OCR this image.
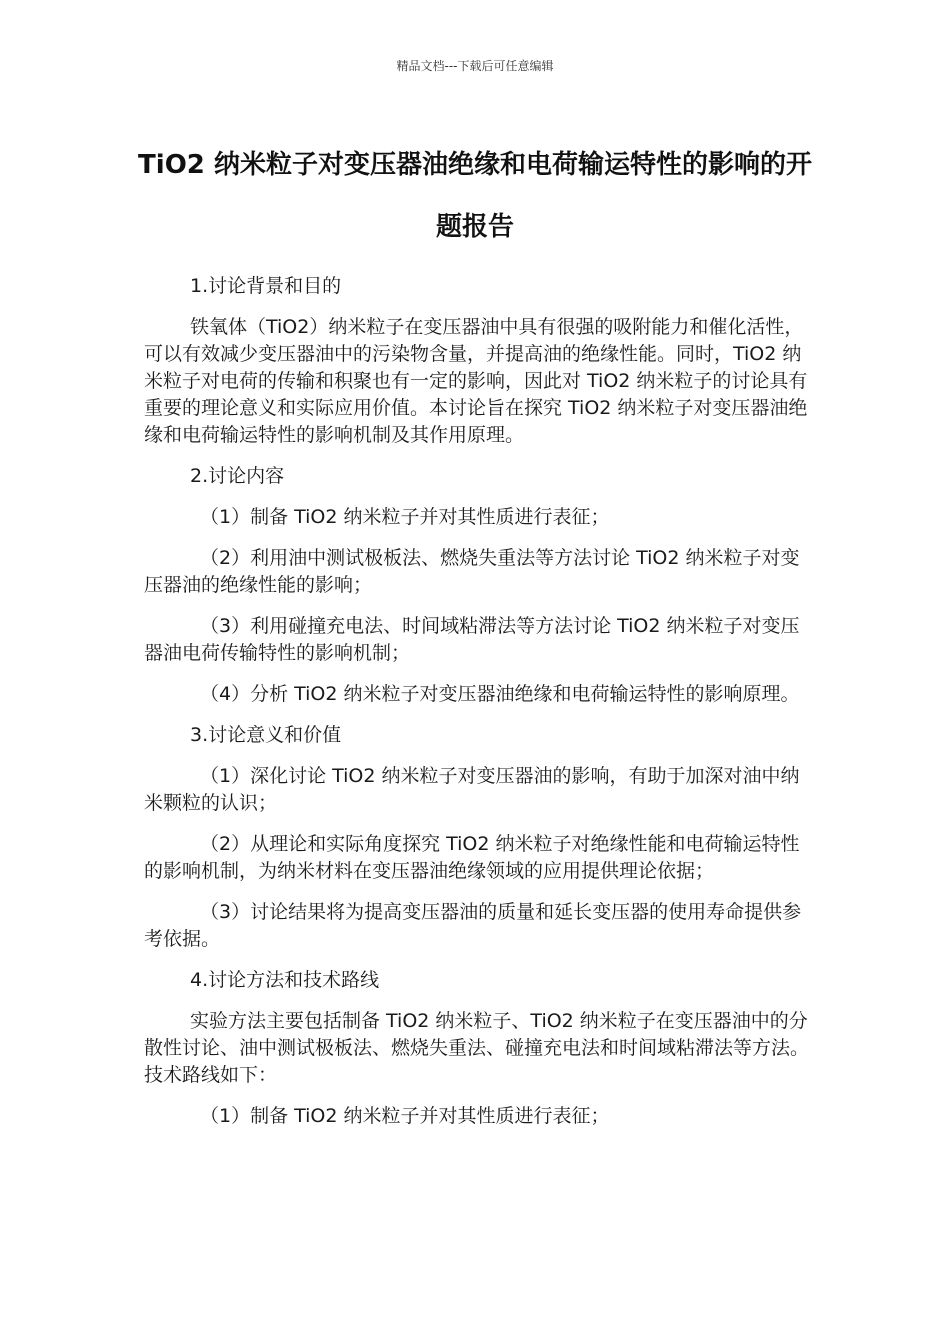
精品文档---下载后可任意编辑
TiO2 纳米粒子对变压器油绝缘和电荷输运特性的影响的开题报告

1.讨论背景和目的

铁氧体（TiO2）纳米粒子在变压器油中具有很强的吸附能力和催化活性，可以有效减少变压器油中的污染物含量，并提高油的绝缘性能。同时，TiO2 纳米粒子对电荷的传输和积聚也有一定的影响，因此对 TiO2 纳米粒子的讨论具有重要的理论意义和实际应用价值。本讨论旨在探究 TiO2 纳米粒子对变压器油绝缘和电荷输运特性的影响机制及其作用原理。

2.讨论内容

（1）制备 TiO2 纳米粒子并对其性质进行表征；

（2）利用油中测试极板法、燃烧失重法等方法讨论 TiO2 纳米粒子对变压器油的绝缘性能的影响；

（3）利用碰撞充电法、时间域粘滞法等方法讨论 TiO2 纳米粒子对变压器油电荷传输特性的影响机制；

（4）分析 TiO2 纳米粒子对变压器油绝缘和电荷输运特性的影响原理。

3.讨论意义和价值

（1）深化讨论 TiO2 纳米粒子对变压器油的影响，有助于加深对油中纳米颗粒的认识；

（2）从理论和实际角度探究 TiO2 纳米粒子对绝缘性能和电荷输运特性的影响机制，为纳米材料在变压器油绝缘领域的应用提供理论依据；

（3）讨论结果将为提高变压器油的质量和延长变压器的使用寿命提供参考依据。

4.讨论方法和技术路线

实验方法主要包括制备 TiO2 纳米粒子、TiO2 纳米粒子在变压器油中的分散性讨论、油中测试极板法、燃烧失重法、碰撞充电法和时间域粘滞法等方法。技术路线如下：

（1）制备 TiO2 纳米粒子并对其性质进行表征；
